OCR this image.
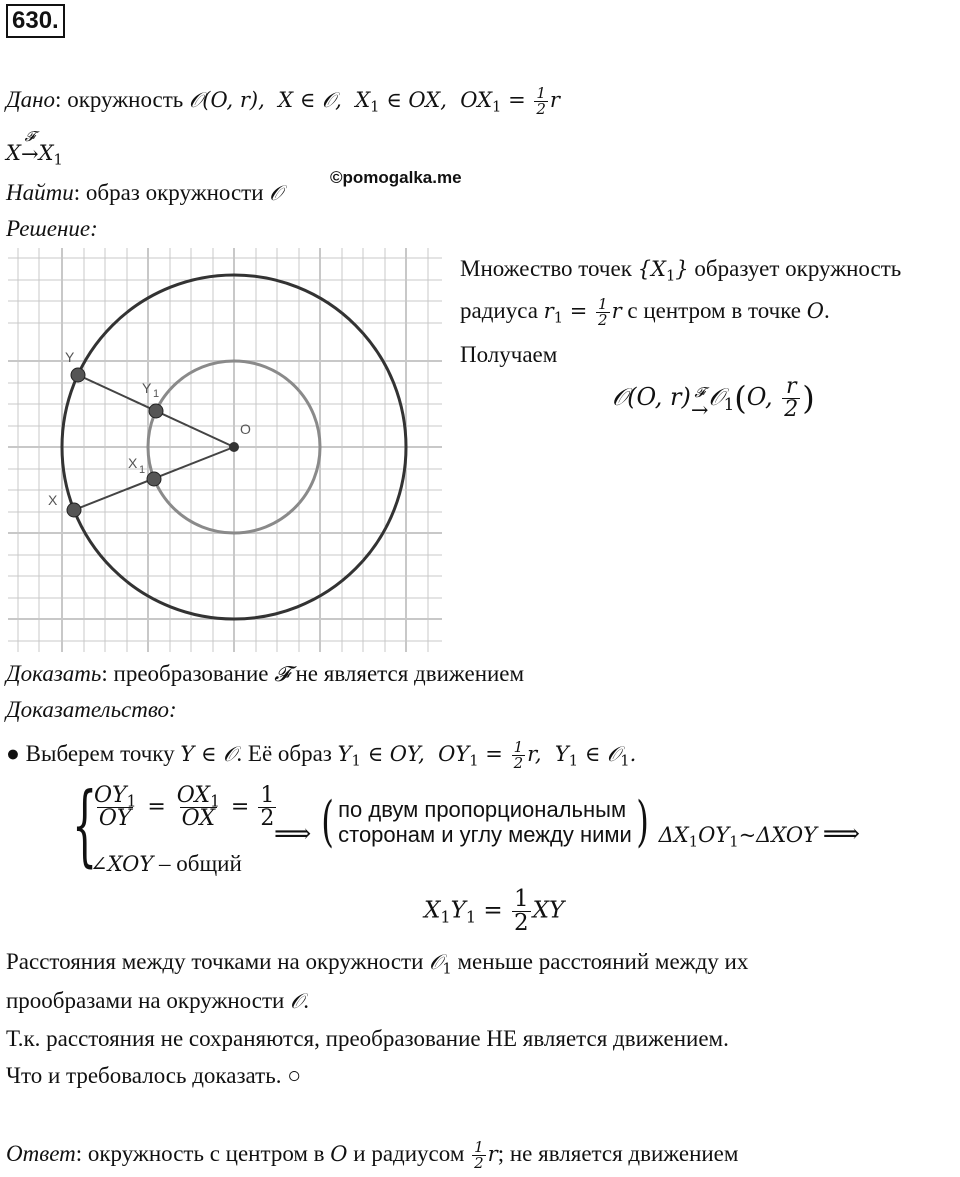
630.
Дано: окружность 𝒪(O, r),  X ∈ 𝒪,  $X_1$ ∈ OX,  $OX_1 = \frac{1}{2}$ r
X
𝓕
→ $X_1$
Найти: образ окружности 𝒪
©pomogalka.me
Решение:
Y
Y 1
O
X 1
X
Множество точек $\{X_1\}$ образует окружность
радиуса $r_1 = \frac{1}{2}$ r с центром в точке O.
Получаем
𝒪(O, r) 𝓕
→ 𝒪$_1$(O, $\frac{r}{2}$ )
Доказать: преобразование 𝓕 не является движением
Доказательство:
● Выберем точку Y ∈ 𝒪. Её образ $Y_1$ ∈ OY,  $OY_1 = \frac{1}{2} r$,  $Y_1$ ∈ 𝒪$_1$.
{
$\frac{OY_1}{OY} = \frac{OX_1}{OX} = \frac{1}{2}$
∠XOY – общий
⟹ ( по двум пропорциональным
сторонам и углу между ними ) $\Delta X_1OY_1\sim\Delta XOY$ ⟹
$X_1Y_1 = \frac{1}{2}$ XY
Расстояния между точками на окружности 𝒪$_1$ меньше расстояний между их
прообразами на окружности 𝒪.
Т.к. расстояния не сохраняются, преобразование НЕ является движением.
Что и требовалось доказать. ○
Ответ: окружность с центром в O и радиусом $\frac{1}{2} r$; не является движением
